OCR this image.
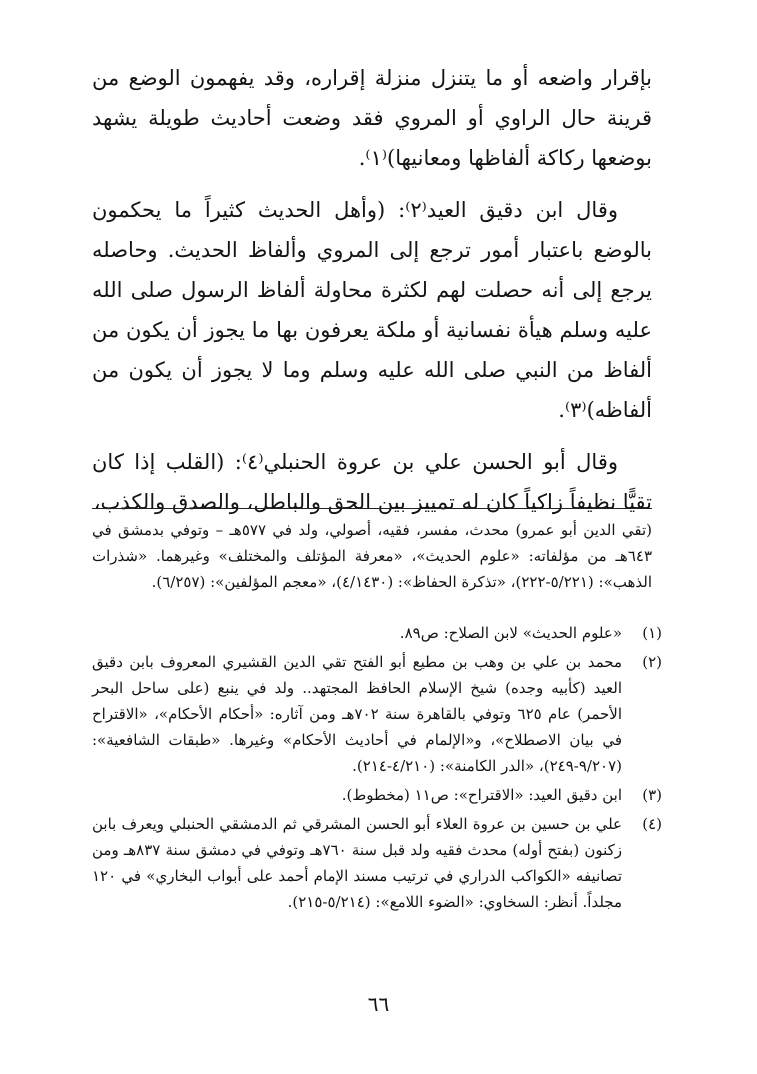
بإقرار واضعه أو ما يتنزل منزلة إقراره، وقد يفهمون الوضع من قرينة حال الراوي أو المروي فقد وضعت أحاديث طويلة يشهد بوضعها ركاكة ألفاظها ومعانيها)⁽١⁾.

وقال ابن دقيق العيد⁽٢⁾: (وأهل الحديث كثيراً ما يحكمون بالوضع باعتبار أمور ترجع إلى المروي وألفاظ الحديث. وحاصله يرجع إلى أنه حصلت لهم لكثرة محاولة ألفاظ الرسول صلى الله عليه وسلم هيأة نفسانية أو ملكة يعرفون بها ما يجوز أن يكون من ألفاظ من النبي صلى الله عليه وسلم وما لا يجوز أن يكون من ألفاظه)⁽٣⁾.

وقال أبو الحسن علي بن عروة الحنبلي⁽٤⁾: (القلب إذا كان تقيًّا نظيفاً زاكياً كان له تمييز بين الحق والباطل، والصدق والكذب،

(تقي الدين أبو عمرو) محدث، مفسر، فقيه، أصولي، ولد في ٥٧٧هـ – وتوفي بدمشق في ٦٤٣هـ من مؤلفاته: «علوم الحديث»، «معرفة المؤتلف والمختلف» وغيرهما. «شذرات الذهب»: (٥/٢٢١-٢٢٢)، «تذكرة الحفاظ»: (٤/١٤٣٠)، «معجم المؤلفين»: (٦/٢٥٧).

(١)
«علوم الحديث» لابن الصلاح: ص٨٩.
(٢)
محمد بن علي بن وهب بن مطيع أبو الفتح تقي الدين القشيري المعروف بابن دقيق العيد (كأبيه وجده) شيخ الإسلام الحافظ المجتهد.. ولد في ينبع (على ساحل البحر الأحمر) عام ٦٢٥ وتوفي بالقاهرة سنة ٧٠٢هـ ومن آثاره: «أحكام الأحكام»، «الاقتراح في بيان الاصطلاح»، و«الإلمام في أحاديث الأحكام» وغيرها. «طبقات الشافعية»: (٩/٢٠٧-٢٤٩)، «الدر الكامنة»: (٤/٢١٠-٢١٤).
(٣)
ابن دقيق العيد: «الاقتراح»: ص١١ (مخطوط).
(٤)
علي بن حسين بن عروة العلاء أبو الحسن المشرقي ثم الدمشقي الحنبلي ويعرف بابن زكنون (بفتح أوله) محدث فقيه ولد قبل سنة ٧٦٠هـ وتوفي في دمشق سنة ٨٣٧هـ ومن تصانيفه «الكواكب الدراري في ترتيب مسند الإمام أحمد على أبواب البخاري» في ١٢٠ مجلداً. أنظر: السخاوي: «الضوء اللامع»: (٥/٢١٤-٢١٥).
٦٦
